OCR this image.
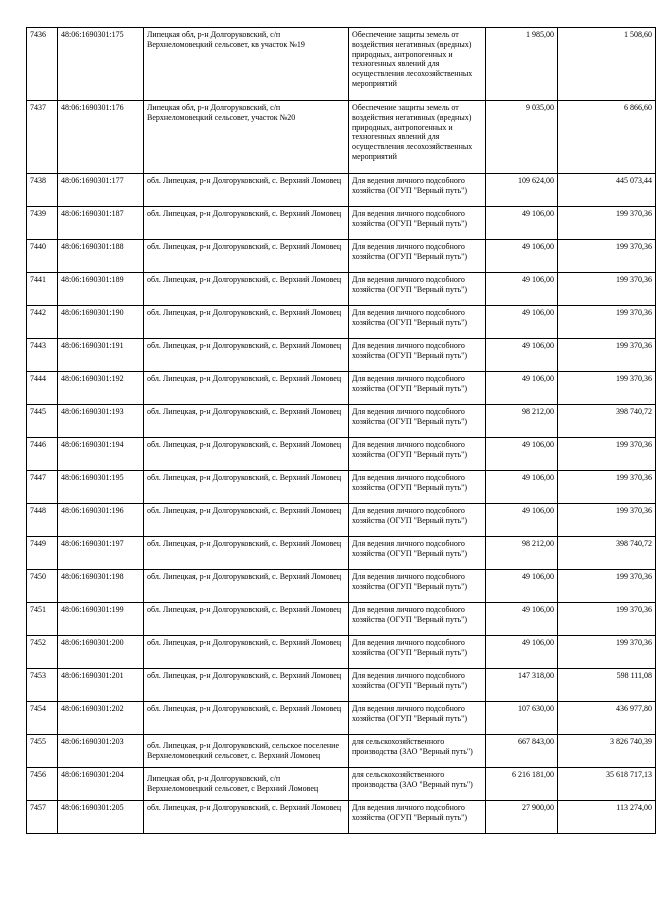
7436	48:06:1690301:175	Липецкая обл, р-н Долгоруковский, с/п Верхнеломовецкий сельсовет, кв участок №19	Обеспечение защиты земель от воздействия негативных (вредных) природных, антропогенных и техногенных явлений для осуществления лесохозяйственных мероприятий	1 985,00	1 508,60
7437	48:06:1690301:176	Липецкая обл, р-н Долгоруковский, с/п Верхнеломовецкий сельсовет, участок №20	Обеспечение защиты земель от воздействия негативных (вредных) природных, антропогенных и техногенных явлений для осуществления лесохозяйственных мероприятий	9 035,00	6 866,60
7438	48:06:1690301:177	обл. Липецкая, р-н Долгоруковский, с. Верхний Ломовец	Для ведения личного подсобного хозяйства (ОГУП "Верный путь")	109 624,00	445 073,44
7439	48:06:1690301:187	обл. Липецкая, р-н Долгоруковский, с. Верхний Ломовец	Для ведения личного подсобного хозяйства (ОГУП "Верный путь")	49 106,00	199 370,36
7440	48:06:1690301:188	обл. Липецкая, р-н Долгоруковский, с. Верхний Ломовец	Для ведения личного подсобного хозяйства (ОГУП "Верный путь")	49 106,00	199 370,36
7441	48:06:1690301:189	обл. Липецкая, р-н Долгоруковский, с. Верхний Ломовец	Для ведения личного подсобного хозяйства (ОГУП "Верный путь")	49 106,00	199 370,36
7442	48:06:1690301:190	обл. Липецкая, р-н Долгоруковский, с. Верхний Ломовец	Для ведения личного подсобного хозяйства (ОГУП "Верный путь")	49 106,00	199 370,36
7443	48:06:1690301:191	обл. Липецкая, р-н Долгоруковский, с. Верхний Ломовец	Для ведения личного подсобного хозяйства (ОГУП "Верный путь")	49 106,00	199 370,36
7444	48:06:1690301:192	обл. Липецкая, р-н Долгоруковский, с. Верхний Ломовец	Для ведения личного подсобного хозяйства (ОГУП "Верный путь")	49 106,00	199 370,36
7445	48:06:1690301:193	обл. Липецкая, р-н Долгоруковский, с. Верхний Ломовец	Для ведения личного подсобного хозяйства (ОГУП "Верный путь")	98 212,00	398 740,72
7446	48:06:1690301:194	обл. Липецкая, р-н Долгоруковский, с. Верхний Ломовец	Для ведения личного подсобного хозяйства (ОГУП "Верный путь")	49 106,00	199 370,36
7447	48:06:1690301:195	обл. Липецкая, р-н Долгоруковский, с. Верхний Ломовец	Для ведения личного подсобного хозяйства (ОГУП "Верный путь")	49 106,00	199 370,36
7448	48:06:1690301:196	обл. Липецкая, р-н Долгоруковский, с. Верхний Ломовец	Для ведения личного подсобного хозяйства (ОГУП "Верный путь")	49 106,00	199 370,36
7449	48:06:1690301:197	обл. Липецкая, р-н Долгоруковский, с. Верхний Ломовец	Для ведения личного подсобного хозяйства (ОГУП "Верный путь")	98 212,00	398 740,72
7450	48:06:1690301:198	обл. Липецкая, р-н Долгоруковский, с. Верхний Ломовец	Для ведения личного подсобного хозяйства (ОГУП "Верный путь")	49 106,00	199 370,36
7451	48:06:1690301:199	обл. Липецкая, р-н Долгоруковский, с. Верхний Ломовец	Для ведения личного подсобного хозяйства (ОГУП "Верный путь")	49 106,00	199 370,36
7452	48:06:1690301:200	обл. Липецкая, р-н Долгоруковский, с. Верхний Ломовец	Для ведения личного подсобного хозяйства (ОГУП "Верный путь")	49 106,00	199 370,36
7453	48:06:1690301:201	обл. Липецкая, р-н Долгоруковский, с. Верхний Ломовец	Для ведения личного подсобного хозяйства (ОГУП "Верный путь")	147 318,00	598 111,08
7454	48:06:1690301:202	обл. Липецкая, р-н Долгоруковский, с. Верхний Ломовец	Для ведения личного подсобного хозяйства (ОГУП "Верный путь")	107 630,00	436 977,80
7455	48:06:1690301:203	обл. Липецкая, р-н Долгоруковский, сельское поселение Верхнеломовецкий сельсовет, с. Верхний Ломовец	для сельскохозяйственного производства (ЗАО "Верный путь")	667 843,00	3 826 740,39
7456	48:06:1690301:204	Липецкая обл, р-н Долгоруковский, с/п Верхнеломовецкий сельсовет, с Верхний Ломовец	для сельскохозяйственного производства (ЗАО "Верный путь")	6 216 181,00	35 618 717,13
7457	48:06:1690301:205	обл. Липецкая, р-н Долгоруковский, с. Верхний Ломовец	Для ведения личного подсобного хозяйства (ОГУП "Верный путь")	27 900,00	113 274,00
